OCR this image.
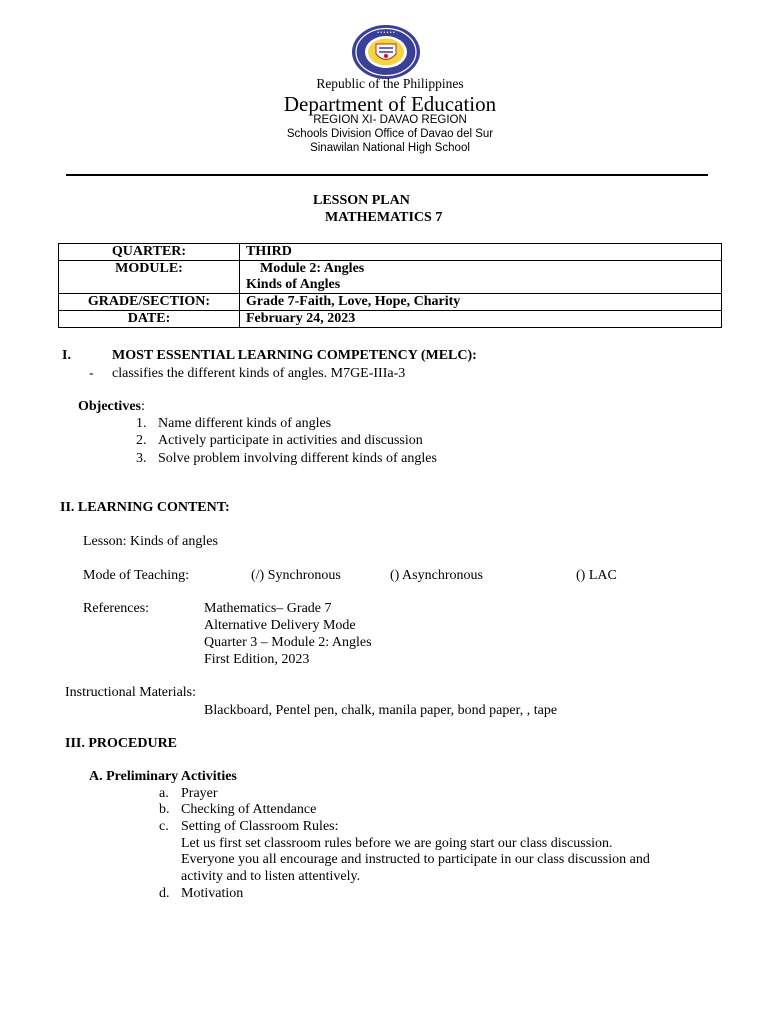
• • • • • •
Republic of the Philippines
Department of Education
REGION XI- DAVAO REGION
Schools Division Office of Davao del Sur
Sinawilan National High School
LESSON PLAN
MATHEMATICS 7
QUARTER:	THIRD
MODULE:	Module 2: Angles
Kinds of Angles

GRADE/SECTION:	Grade 7-Faith, Love, Hope, Charity
DATE:	February 24, 2023
I.	MOST ESSENTIAL LEARNING COMPETENCY (MELC):
- classifies the different kinds of angles. M7GE-IIIa-3
Objectives:
1. Name different kinds of angles
2. Actively participate in activities and discussion
3. Solve problem involving different kinds of angles
II. LEARNING CONTENT:
Lesson: Kinds of angles
Mode of Teaching:	(/) Synchronous	() Asynchronous	() LAC
References:	Mathematics– Grade 7
Alternative Delivery Mode
Quarter 3 – Module 2: Angles
First Edition, 2023
Instructional Materials:
Blackboard, Pentel pen, chalk, manila paper, bond paper, , tape
III. PROCEDURE
A. Preliminary Activities
a. Prayer
b. Checking of Attendance
c. Setting of Classroom Rules:
Let us first set classroom rules before we are going start our class discussion.
Everyone you all encourage and instructed to participate in our class discussion and
activity and to listen attentively.
d. Motivation
